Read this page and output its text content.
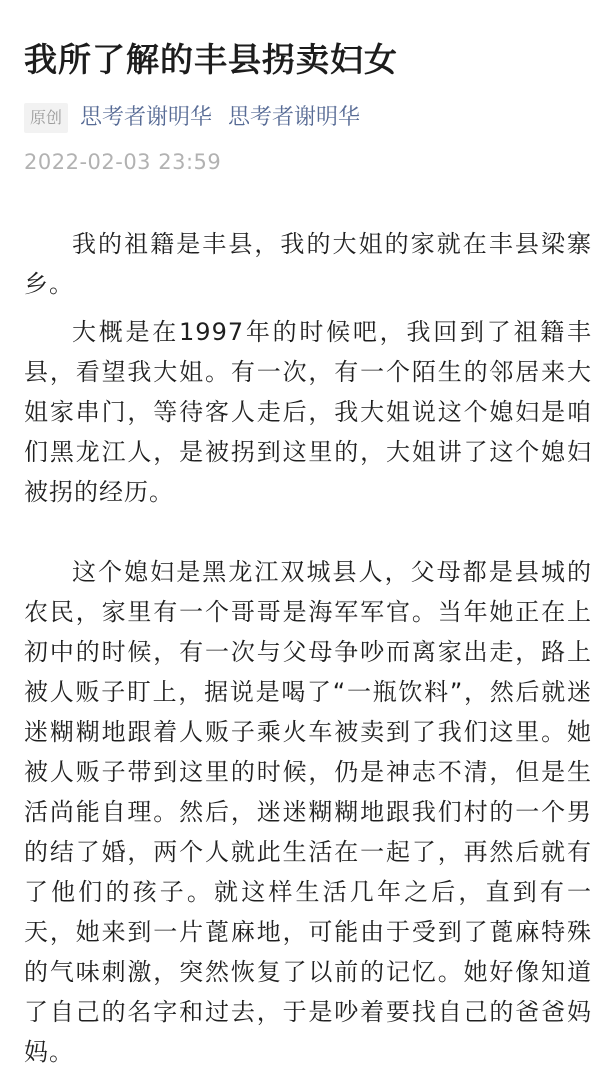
我所了解的丰县拐卖妇女
原创 思考者谢明华 思考者谢明华
2022-02-03 23:59

我的祖籍是丰县，我的大姐的家就在丰县梁寨乡。

大概是在1997年的时候吧，我回到了祖籍丰县，看望我大姐。有一次，有一个陌生的邻居来大姐家串门，等待客人走后，我大姐说这个媳妇是咱们黑龙江人，是被拐到这里的，大姐讲了这个媳妇被拐的经历。

这个媳妇是黑龙江双城县人，父母都是县城的农民，家里有一个哥哥是海军军官。当年她正在上初中的时候，有一次与父母争吵而离家出走，路上被人贩子盯上，据说是喝了“一瓶饮料”，然后就迷迷糊糊地跟着人贩子乘火车被卖到了我们这里。她被人贩子带到这里的时候，仍是神志不清，但是生活尚能自理。然后，迷迷糊糊地跟我们村的一个男的结了婚，两个人就此生活在一起了，再然后就有了他们的孩子。就这样生活几年之后，直到有一天，她来到一片蓖麻地，可能由于受到了蓖麻特殊的气味刺激，突然恢复了以前的记忆。她好像知道了自己的名字和过去，于是吵着要找自己的爸爸妈妈。
